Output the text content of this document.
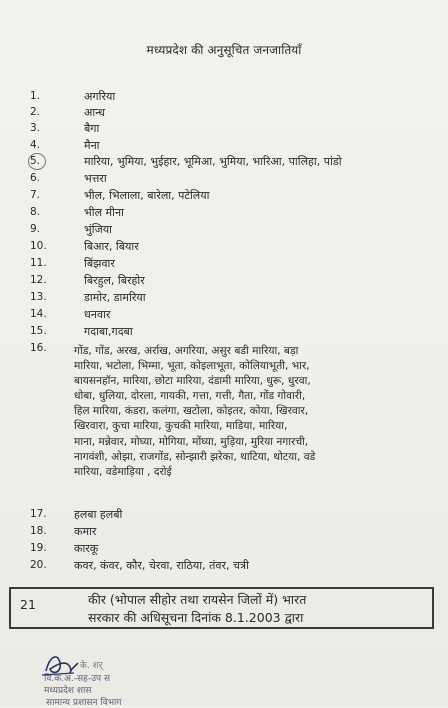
मध्यप्रदेश की अनुसूचित जनजातियाँ
1.	अगरिया
2.	आन्ध
3.	बैगा
4.	मैना
5.	मारिया, भुमिया, भुईहार, भूमिआ, भुमिया, भारिआ, पालिहा, पांडो
6.	भत्तरा
7.	भील, भिलाला, बारेला, पटेलिया
8.	भील मीना
9.	भुंजिया
10.	बिआर, बियार
11.	बिंझवार
12.	बिरहुल, बिरहोर
13.	डामोर, डामरिया
14.	धनवार
15.	गदाबा,गदबा
16.	गोंड, गोंड, अरख, अर्राख, अगरिया, असुर बडी मारिया, बड़ा
मारिया, भटोला, भिम्मा, भूता, कोइलाभूता, कोलियाभूती, भार,
बायसनहॉन, मारिया, छोटा मारिया, दंडामी मारिया, धुरू, धुरवा,
धोबा, धुलिया, दोरला, गायकी, गत्ता, गत्ती, गैता, गोंड गोवारी,
हिल मारिया, कंडरा, कलंगा, खटोला, कोइतर, कोया, खिरवार,
खिरवारा, कुचा मारिया, कुचकी मारिया, माडिया, मारिया,
माना, मन्नेवार, मोघ्या, मोगिया, मोंघ्या, मुड़िया, मुरिया नगारची,
नागवंशी, ओझा, राजगोंड, सोन्झारी झरेका, थाटिया, थोटया, वडे
मारिया, वडेमाड़िया , दरोई
17.	हलबा हलबी
18.	कमार
19.	कारकू
20.	कवर, कंवर, कौर, चेरवा, राठिया, तंवर, चत्री
21	कीर (भोपाल सीहोर तथा रायसेन जिलों में) भारत
सरकार की अधिसूचना दिनांक 8.1.2003 द्वारा
वि.क.अ.-सह-उप स
मध्यप्रदेश शास
सामान्य प्रशासन विभाग
के. शर्
